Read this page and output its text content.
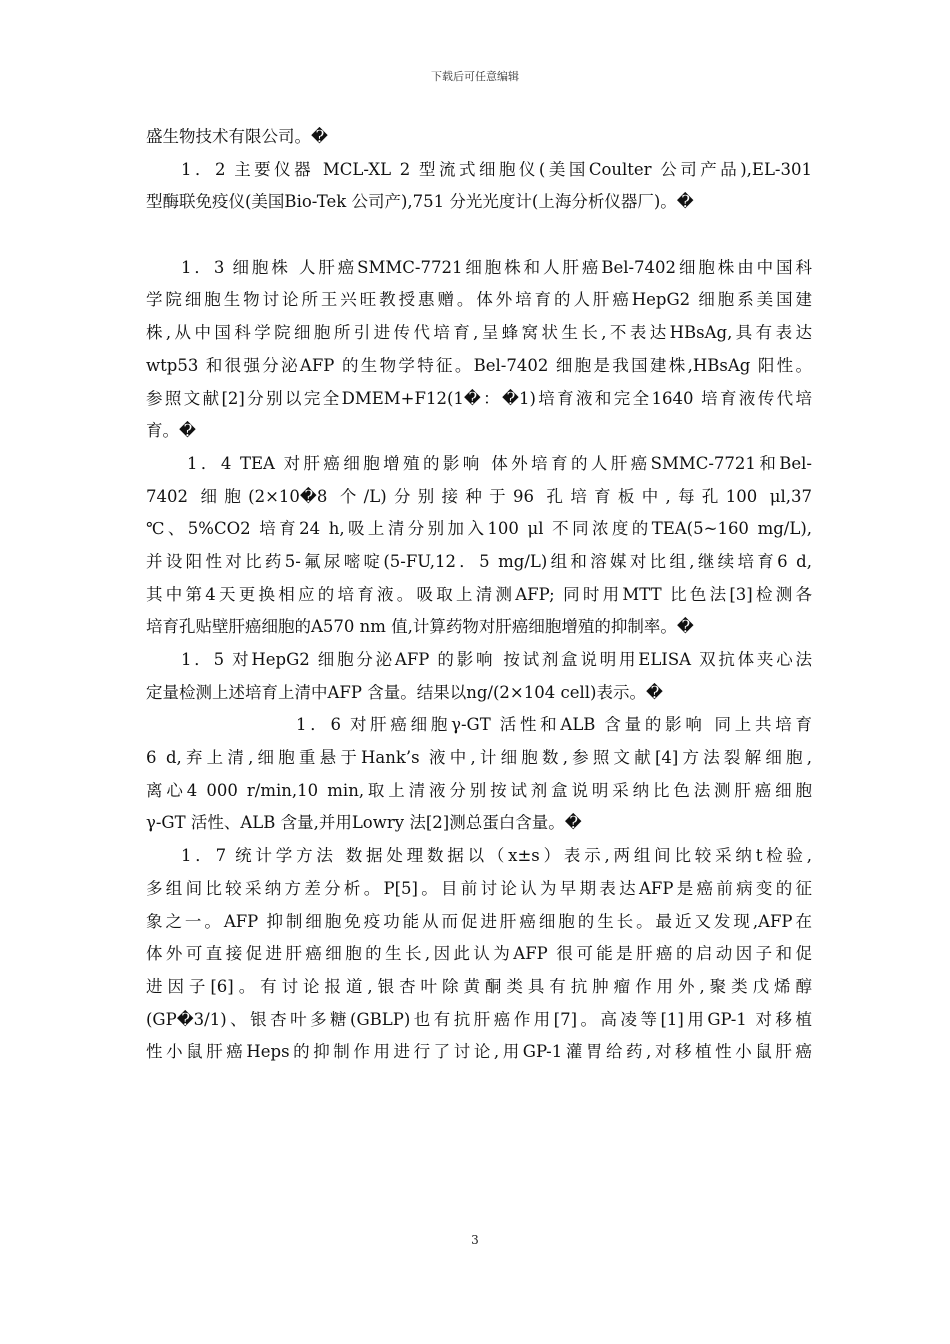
下载后可任意编辑
盛生物技术有限公司。�
1．2 主要仪器 MCL-XL 2 型流式细胞仪(美国Coulter 公司产品),EL-301
型酶联免疫仪(美国Bio-Tek 公司产),751 分光光度计(上海分析仪器厂)。�
1．3 细胞株 人肝癌SMMC-7721细胞株和人肝癌Bel-7402细胞株由中国科
学院细胞生物讨论所王兴旺教授惠赠。体外培育的人肝癌HepG2 细胞系美国建
株,从中国科学院细胞所引进传代培育,呈蜂窝状生长,不表达HBsAg,具有表达
wtp53 和很强分泌AFP 的生物学特征。Bel-7402 细胞是我国建株,HBsAg 阳性。
参照文献[2]分别以完全DMEM+F12(1�：�1)培育液和完全1640 培育液传代培
育。�
1．4 TEA 对肝癌细胞增殖的影响 体外培育的人肝癌SMMC-7721和Bel-
7402 细胞(2×10�8 个/L)分别接种于96 孔培育板中,每孔100 μl,37
℃、5%CO2 培育24 h,吸上清分别加入100 μl 不同浓度的TEA(5~160 mg/L),
并设阳性对比药5-氟尿嘧啶(5-FU,12．5 mg/L)组和溶媒对比组,继续培育6 d,
其中第4天更换相应的培育液。吸取上清测AFP; 同时用MTT 比色法[3]检测各
培育孔贴壁肝癌细胞的A570 nm 值,计算药物对肝癌细胞增殖的抑制率。�
1．5 对HepG2 细胞分泌AFP 的影响 按试剂盒说明用ELISA 双抗体夹心法
定量检测上述培育上清中AFP 含量。结果以ng/(2×104 cell)表示。�
1．6 对肝癌细胞γ-GT 活性和ALB 含量的影响 同上共培育
6 d,弃上清,细胞重悬于Hank’s 液中,计细胞数,参照文献[4]方法裂解细胞,
离心4 000 r/min,10 min,取上清液分别按试剂盒说明采纳比色法测肝癌细胞
γ-GT 活性、ALB 含量,并用Lowry 法[2]测总蛋白含量。�
1．7 统计学方法 数据处理数据以（x±s）表示,两组间比较采纳t检验,
多组间比较采纳方差分析。P[5]。目前讨论认为早期表达AFP是癌前病变的征
象之一。AFP 抑制细胞免疫功能从而促进肝癌细胞的生长。最近又发现,AFP在
体外可直接促进肝癌细胞的生长,因此认为AFP 很可能是肝癌的启动因子和促
进因子[6]。有讨论报道,银杏叶除黄酮类具有抗肿瘤作用外,聚类戊烯醇
(GP�3/1)、银杏叶多糖(GBLP)也有抗肝癌作用[7]。高凌等[1]用GP-1 对移植
性小鼠肝癌Heps的抑制作用进行了讨论,用GP-1灌胃给药,对移植性小鼠肝癌
3
